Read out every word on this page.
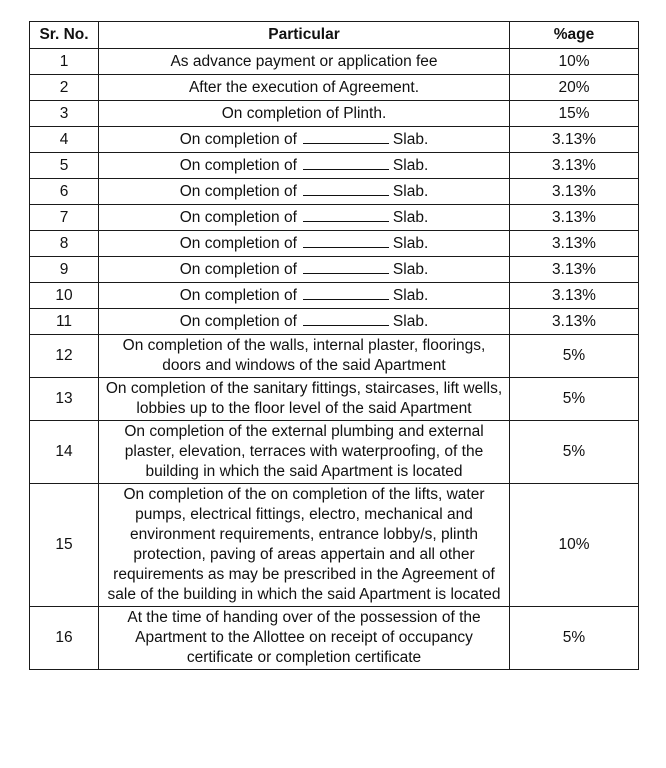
Sr. No.	Particular	%age
1	As advance payment or application fee	10%
2	After the execution of Agreement.	20%
3	On completion of Plinth.	15%
4	On completion of Slab.	3.13%
5	On completion of Slab.	3.13%
6	On completion of Slab.	3.13%
7	On completion of Slab.	3.13%
8	On completion of Slab.	3.13%
9	On completion of Slab.	3.13%
10	On completion of Slab.	3.13%
11	On completion of Slab.	3.13%
12	On completion of the walls, internal plaster, floorings, doors and windows of the said Apartment	5%
13	On completion of the sanitary fittings, staircases, lift wells, lobbies up to the floor level of the said Apartment	5%
14	On completion of the external plumbing and external plaster, elevation, terraces with waterproofing, of the building in which the said Apartment is located	5%
15	On completion of the on completion of the lifts, water pumps, electrical fittings, electro, mechanical and environment requirements, entrance lobby/s, plinth protection, paving of areas appertain and all other requirements as may be prescribed in the Agreement of sale of the building in which the said Apartment is located	10%
16	At the time of handing over of the possession of the Apartment to the Allottee on receipt of occupancy certificate or completion certificate	5%
